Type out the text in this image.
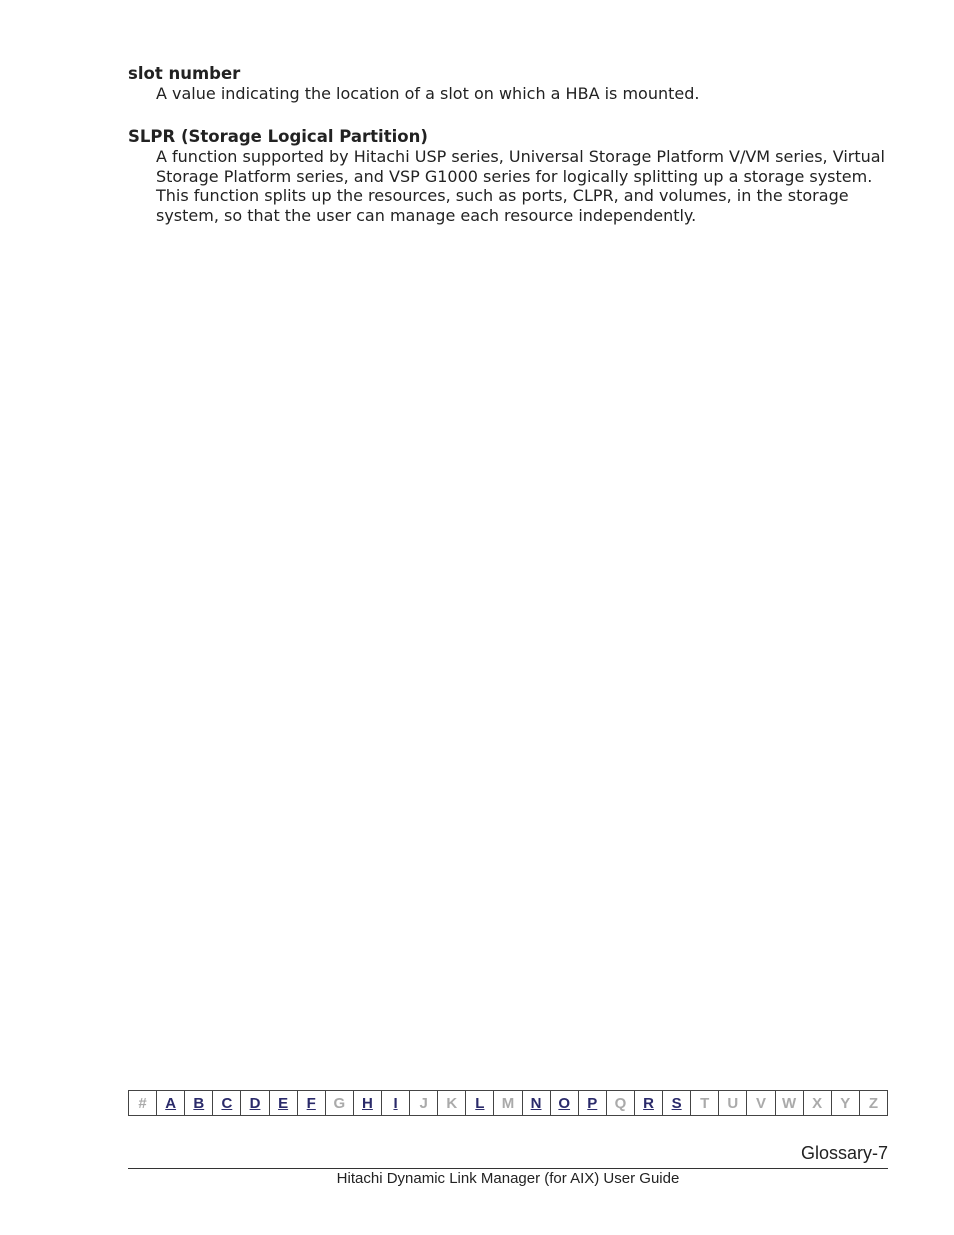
slot number
A value indicating the location of a slot on which a HBA is mounted.
SLPR (Storage Logical Partition)
A function supported by Hitachi USP series, Universal Storage Platform V/VM series, Virtual Storage Platform series, and VSP G1000 series for logically splitting up a storage system. This function splits up the resources, such as ports, CLPR, and volumes, in the storage system, so that the user can manage each resource independently.
#	A	B	C	D	E	F	G	H	I	J	K	L	M	N	O	P	Q	R	S	T	U	V	W	X	Y	Z
Glossary-7
Hitachi Dynamic Link Manager (for AIX) User Guide
